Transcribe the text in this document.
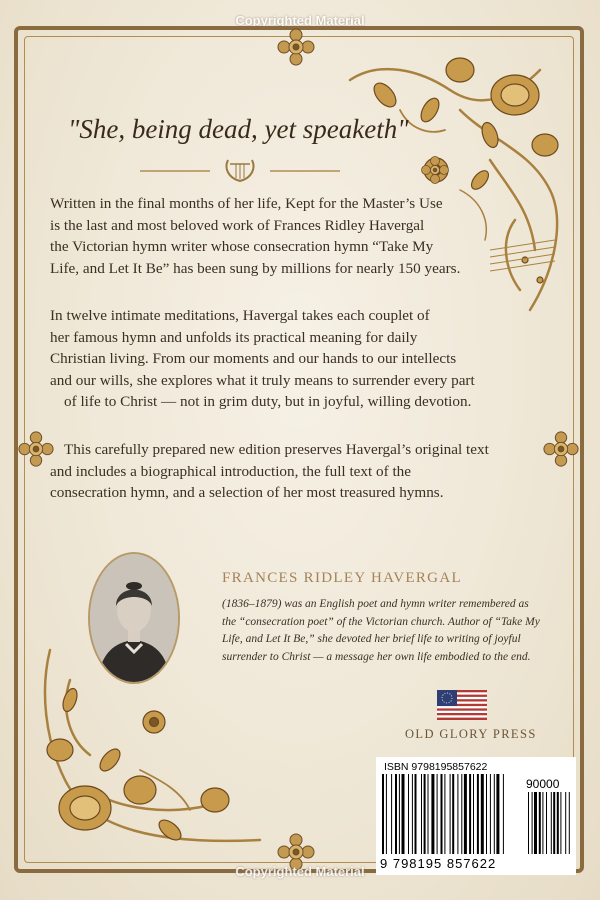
Copyrighted Material
"She, being dead, yet speaketh"
Written in the final months of her life, Kept for the Master’s Use
is the last and most beloved work of Frances Ridley Havergal
the Victorian hymn writer whose consecration hymn “Take My
Life, and Let It Be” has been sung by millions for nearly 150 years.
In twelve intimate meditations, Havergal takes each couplet of
her famous hymn and unfolds its practical meaning for daily
Christian living. From our moments and our hands to our intellects
and our wills, she explores what it truly means to surrender every part
of life to Christ — not in grim duty, but in joyful, willing devotion.
This carefully prepared new edition preserves Havergal’s original text
and includes a biographical introduction, the full text of the
consecration hymn, and a selection of her most treasured hymns.
FRANCES RIDLEY HAVERGAL
(1836–1879) was an English poet and hymn writer remembered as
the “consecration poet” of the Victorian church. Author of “Take My
Life, and Let It Be,” she devoted her brief life to writing of joyful
surrender to Christ — a message her own life embodied to the end.
OLD GLORY PRESS
ISBN 9798195857622
90000
9 798195 857622
Copyrighted Material
